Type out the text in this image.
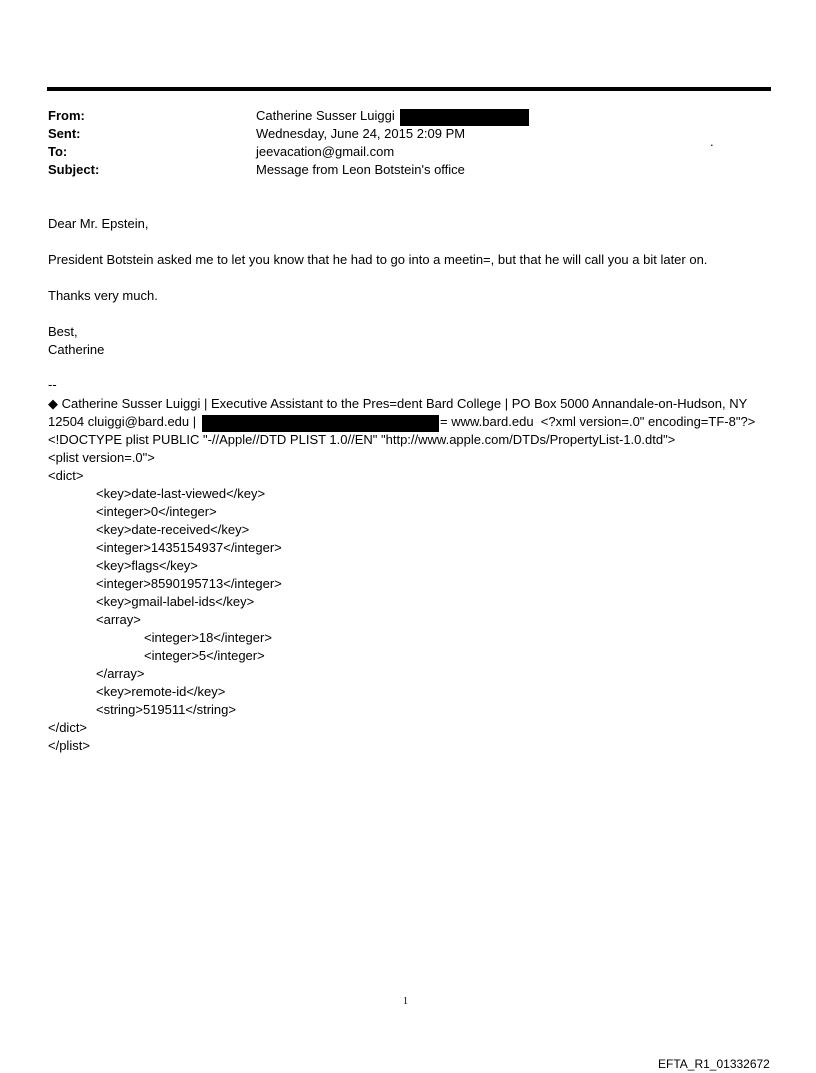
From:	Catherine Susser Luiggi
Sent:	Wednesday, June 24, 2015 2:09 PM
.
To:	jeevacation@gmail.com
Subject:	Message from Leon Botstein's office
Dear Mr. Epstein,
President Botstein asked me to let you know that he had to go into a meetin=, but that he will call you a bit later on.
Thanks very much.
Best,
Catherine
--
◆ Catherine Susser Luiggi | Executive Assistant to the Pres=dent Bard College | PO Box 5000 Annandale-on-Hudson, NY
12504 cluiggi@bard.edu |	= www.bard.edu  <?xml version=.0" encoding=TF-8"?>
<!DOCTYPE plist PUBLIC "-//Apple//DTD PLIST 1.0//EN" "http://www.apple.com/DTDs/PropertyList-1.0.dtd">
<plist version=.0">
<dict>
<key>date-last-viewed</key>
<integer>0</integer>
<key>date-received</key>
<integer>1435154937</integer>
<key>flags</key>
<integer>8590195713</integer>
<key>gmail-label-ids</key>
<array>
<integer>18</integer>
<integer>5</integer>
</array>
<key>remote-id</key>
<string>519511</string>
</dict>
</plist>
1
EFTA_R1_01332672
